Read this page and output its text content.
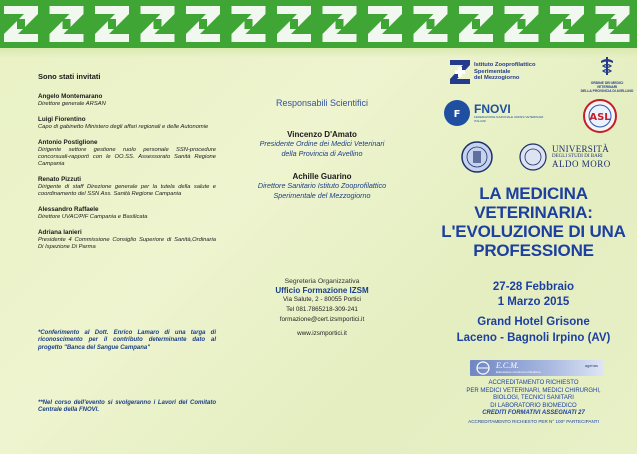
Sono stati invitati
Angelo Montemarano
Direttore generale ARSAN
Luigi Fiorentino
Capo di gabinetto Ministero degli affari regionali e delle Autonomie
Antonio Postiglione
Dirigente settore gestione ruolo personale SSN-procedure concorsuali-rapporti con le OO.SS. Assessorato Sanità Regione Campania
Renato Pizzuti
Dirigente di staff Direzione generale per la tutela della salute e coordinamento del SSN Ass. Sanità Regione Campania
Alessandro Raffaele
Direttore UVAC/PIF Campania e Basilicata
Adriana Ianieri
Presidente 4 Commissione Consiglio Superiore di Sanità,Ordinaria Di Ispezione Di Parma
*Conferimento al Dott. Enrico Lamaro di una targa di riconoscimento per il contributo determinante dato al progetto "Banca del Sangue Campana"
**Nel corso dell'evento si svolgeranno i Lavori del Comitato Centrale della FNOVI.
Responsabili Scientifici
Vincenzo D'Amato
Presidente Ordine dei Medici Veterinari
della Provincia di Avellino
Achille Guarino
Direttore Sanitario Istituto Zooprofilattico
Sperimentale del Mezzogiorno
Segreteria Organizzativa
Ufficio Formazione IZSM
Via Salute, 2 - 80055 Portici
Tel 081.7865218-309-241
formazione@cert.izsmportici.it
www.izsmportici.it
Istituto Zooprofilattico
Sperimentale
del Mezzogiorno
ORDINE DEI MEDICI VETERINARI
DELLA PROVINCIA DI AVELLINO
F FNOVI
FEDERAZIONE NAZIONALE ORDINI VETERINARI ITALIANI	ASL
UNIVERSITÀ
DEGLI STUDI DI BARI
ALDO MORO
LA MEDICINA
VETERINARIA:
L'EVOLUZIONE DI UNA
PROFESSIONE
27-28 Febbraio
1 Marzo 2015
Grand Hotel Grisone
Laceno - Bagnoli Irpino (AV)
E.C.M.
Educazione Continua in Medicina
agenas
ACCREDITAMENTO RICHIESTO
PER MEDICI VETERINARI, MEDICI CHIRURGHI,
BIOLOGI, TECNICI SANITARI
DI LABORATORIO BIOMEDICO
CREDITI FORMATIVI ASSEGNATI 27
ACCREDITAMENTO RICHIESTO PER N° 100* PARTECIPANTI
